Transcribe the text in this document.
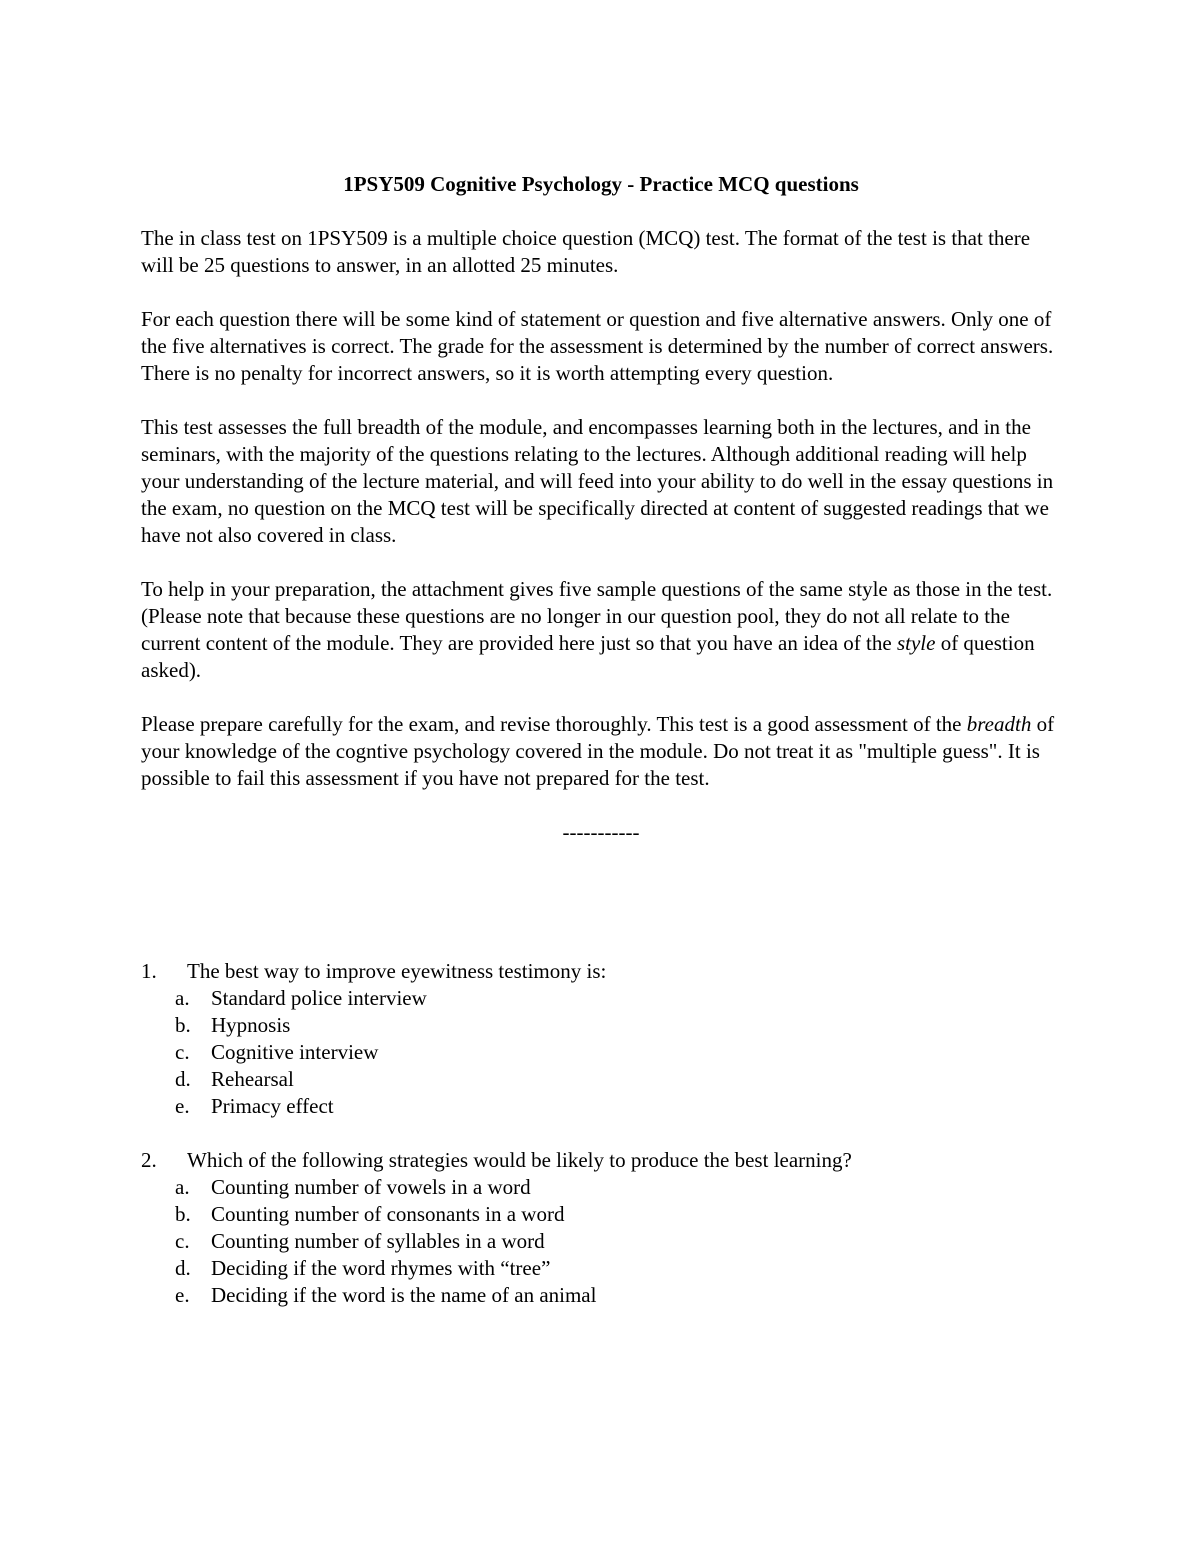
1PSY509 Cognitive Psychology - Practice MCQ questions

The in class test on 1PSY509 is a multiple choice question (MCQ) test. The format of the test is that there will be 25 questions to answer, in an allotted 25 minutes.

For each question there will be some kind of statement or question and five alternative answers. Only one of the five alternatives is correct. The grade for the assessment is determined by the number of correct answers. There is no penalty for incorrect answers, so it is worth attempting every question.

This test assesses the full breadth of the module, and encompasses learning both in the lectures, and in the seminars, with the majority of the questions relating to the lectures. Although additional reading will help your understanding of the lecture material, and will feed into your ability to do well in the essay questions in the exam, no question on the MCQ test will be specifically directed at content of suggested readings that we have not also covered in class.

To help in your preparation, the attachment gives five sample questions of the same style as those in the test. (Please note that because these questions are no longer in our question pool, they do not all relate to the current content of the module. They are provided here just so that you have an idea of the style of question asked).

Please prepare carefully for the exam, and revise thoroughly. This test is a good assessment of the breadth of your knowledge of the cogntive psychology covered in the module. Do not treat it as "multiple guess". It is possible to fail this assessment if you have not prepared for the test.

-----------
1.	The best way to improve eyewitness testimony is:
a.	Standard police interview
b. Hypnosis
c.	Cognitive interview
d. Rehearsal
e.	Primacy effect
2.	Which of the following strategies would be likely to produce the best learning?
a.	Counting number of vowels in a word
b. Counting number of consonants in a word
c.	Counting number of syllables in a word
d. Deciding if the word rhymes with “tree”
e.	Deciding if the word is the name of an animal
